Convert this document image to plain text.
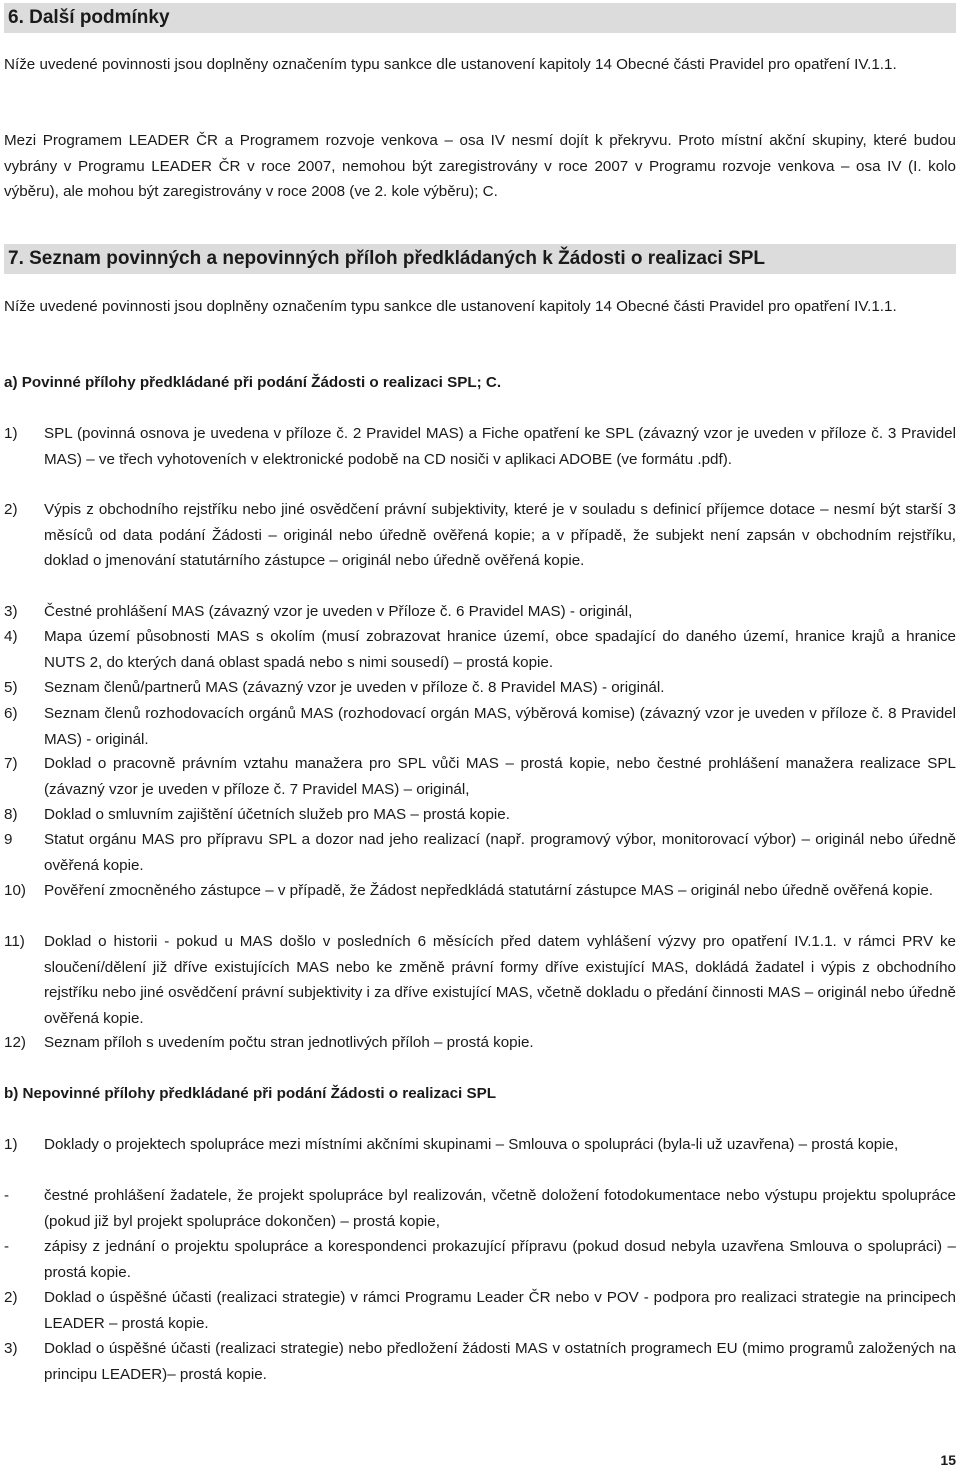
6. Další podmínky
Níže uvedené povinnosti jsou doplněny označením typu sankce dle ustanovení kapitoly 14 Obecné části Pravidel pro opatření IV.1.1.
Mezi Programem LEADER ČR a Programem rozvoje venkova – osa IV nesmí dojít k překryvu. Proto místní akční skupiny, které budou vybrány v Programu LEADER ČR v roce 2007, nemohou být zaregistrovány v roce 2007 v Programu rozvoje venkova – osa IV (I. kolo výběru), ale mohou být zaregistrovány v roce 2008 (ve 2. kole výběru); C.
7. Seznam povinných a nepovinných příloh předkládaných k Žádosti o realizaci SPL
Níže uvedené povinnosti jsou doplněny označením typu sankce dle ustanovení kapitoly 14 Obecné části Pravidel pro opatření IV.1.1.
a) Povinné přílohy předkládané při podání Žádosti o realizaci SPL; C.
1)	SPL (povinná osnova je uvedena v příloze č. 2 Pravidel MAS) a Fiche opatření ke SPL (závazný vzor je uveden v příloze č. 3 Pravidel MAS) – ve třech vyhotoveních v elektronické podobě na CD nosiči v aplikaci ADOBE (ve formátu .pdf).
2)	Výpis z obchodního rejstříku nebo jiné osvědčení právní subjektivity, které je v souladu s definicí příjemce dotace – nesmí být starší 3 měsíců od data podání Žádosti – originál nebo úředně ověřená kopie; a v případě, že subjekt není zapsán v obchodním rejstříku, doklad o jmenování statutárního zástupce – originál nebo úředně ověřená kopie.
3)	Čestné prohlášení MAS (závazný vzor je uveden v Příloze č. 6 Pravidel MAS) - originál,
4)	Mapa území působnosti MAS s okolím (musí zobrazovat hranice území, obce spadající do daného území, hranice krajů a hranice NUTS 2, do kterých daná oblast spadá nebo s nimi sousedí) – prostá kopie.
5)	Seznam členů/partnerů MAS (závazný vzor je uveden v příloze č. 8 Pravidel MAS) - originál.
6)	Seznam členů rozhodovacích orgánů MAS (rozhodovací orgán MAS, výběrová komise) (závazný vzor je uveden v příloze č. 8 Pravidel MAS) - originál.
7)	Doklad o pracovně právním vztahu manažera pro SPL vůči MAS – prostá kopie, nebo čestné prohlášení manažera realizace SPL (závazný vzor je uveden v příloze č. 7 Pravidel MAS) – originál,
8)	Doklad o smluvním zajištění účetních služeb pro MAS – prostá kopie.
9	Statut orgánu MAS pro přípravu SPL a dozor nad jeho realizací (např. programový výbor, monitorovací výbor) – originál nebo úředně ověřená kopie.
10)	Pověření zmocněného zástupce – v případě, že Žádost nepředkládá statutární zástupce MAS – originál nebo úředně ověřená kopie.
11)	Doklad o historii - pokud u MAS došlo v posledních 6 měsících před datem vyhlášení výzvy pro opatření IV.1.1. v rámci PRV ke sloučení/dělení již dříve existujících MAS nebo ke změně právní formy dříve existující MAS, dokládá žadatel i výpis z obchodního rejstříku nebo jiné osvědčení právní subjektivity i za dříve existující MAS, včetně dokladu o předání činnosti MAS – originál nebo úředně ověřená kopie.
12)	Seznam příloh s uvedením počtu stran jednotlivých příloh – prostá kopie.
b) Nepovinné přílohy předkládané při podání Žádosti o realizaci SPL
1)	Doklady o projektech spolupráce mezi místními akčními skupinami – Smlouva o spolupráci (byla-li už uzavřena) – prostá kopie,
-	čestné prohlášení žadatele, že projekt spolupráce byl realizován, včetně doložení fotodokumentace nebo výstupu projektu spolupráce (pokud již byl projekt spolupráce dokončen) – prostá kopie,
-	zápisy z jednání o projektu spolupráce a korespondenci prokazující přípravu (pokud dosud nebyla uzavřena Smlouva o spolupráci) – prostá kopie.
2)	Doklad o úspěšné účasti (realizaci strategie) v rámci Programu Leader ČR nebo v POV - podpora pro realizaci strategie na principech LEADER – prostá kopie.
3)	Doklad o úspěšné účasti (realizaci strategie) nebo předložení žádosti MAS v ostatních programech EU (mimo programů založených na principu LEADER)– prostá kopie.
15
